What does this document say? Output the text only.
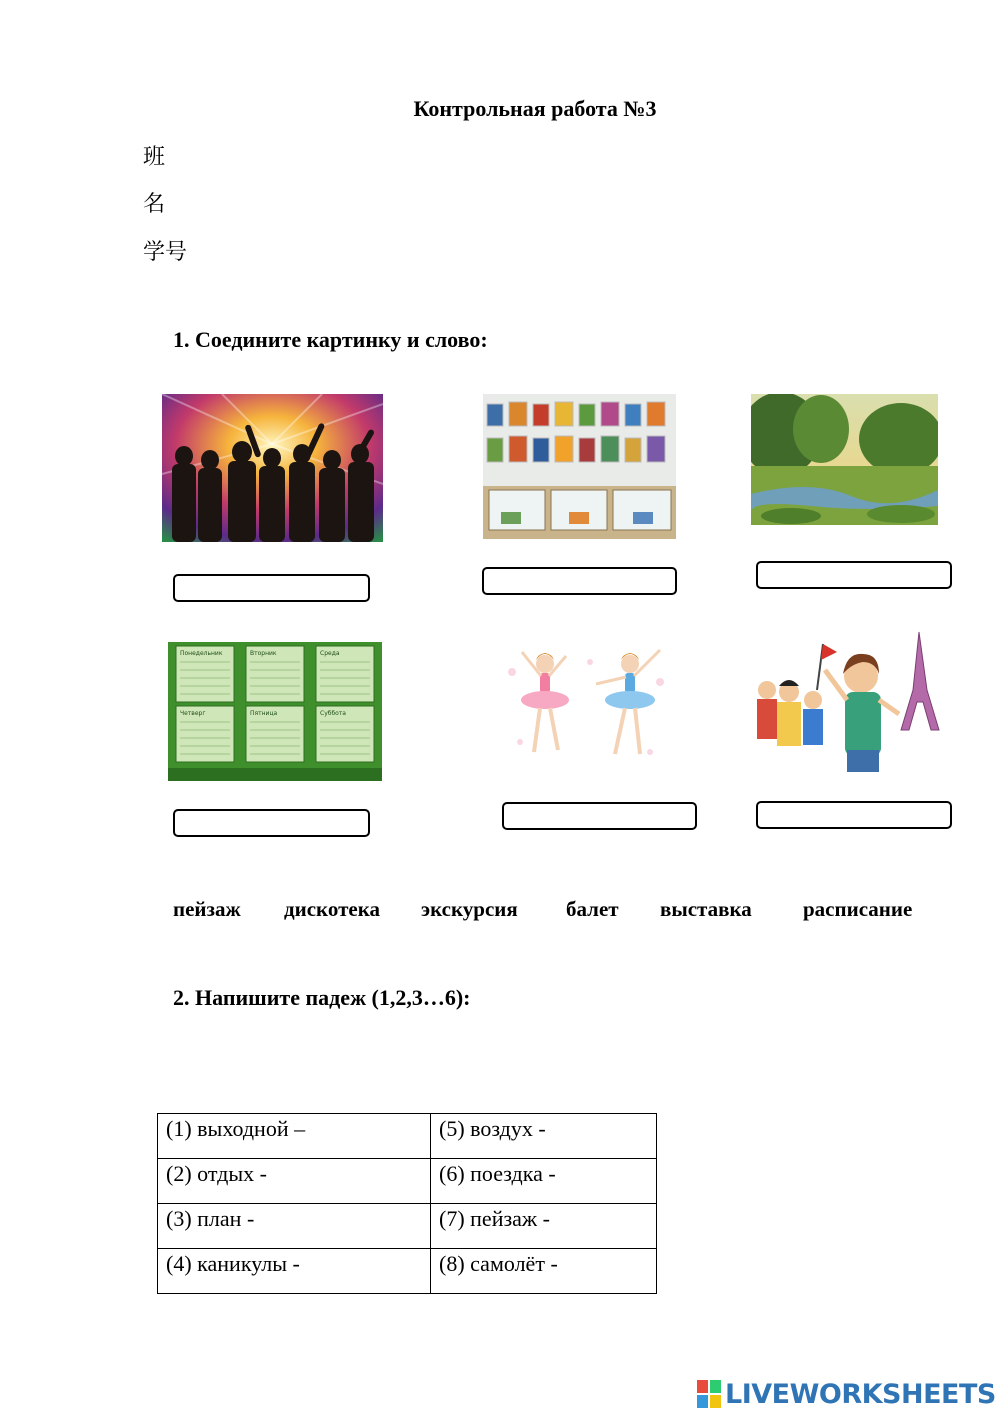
Контрольная работа №3
班
名
学号
1. Соедините картинку и слово:
Понедельник	Вторник	Среда
Четверг	Пятница	Суббота
пейзаж дискотека экскурсия балет выставка расписание
2. Напишите падеж (1,2,3…6):
(1) выходной –	(5) воздух -
(2) отдых -	(6) поездка -
(3) план -	(7) пейзаж -
(4) каникулы -	(8) самолёт -
LIVEWORKSHEETS
